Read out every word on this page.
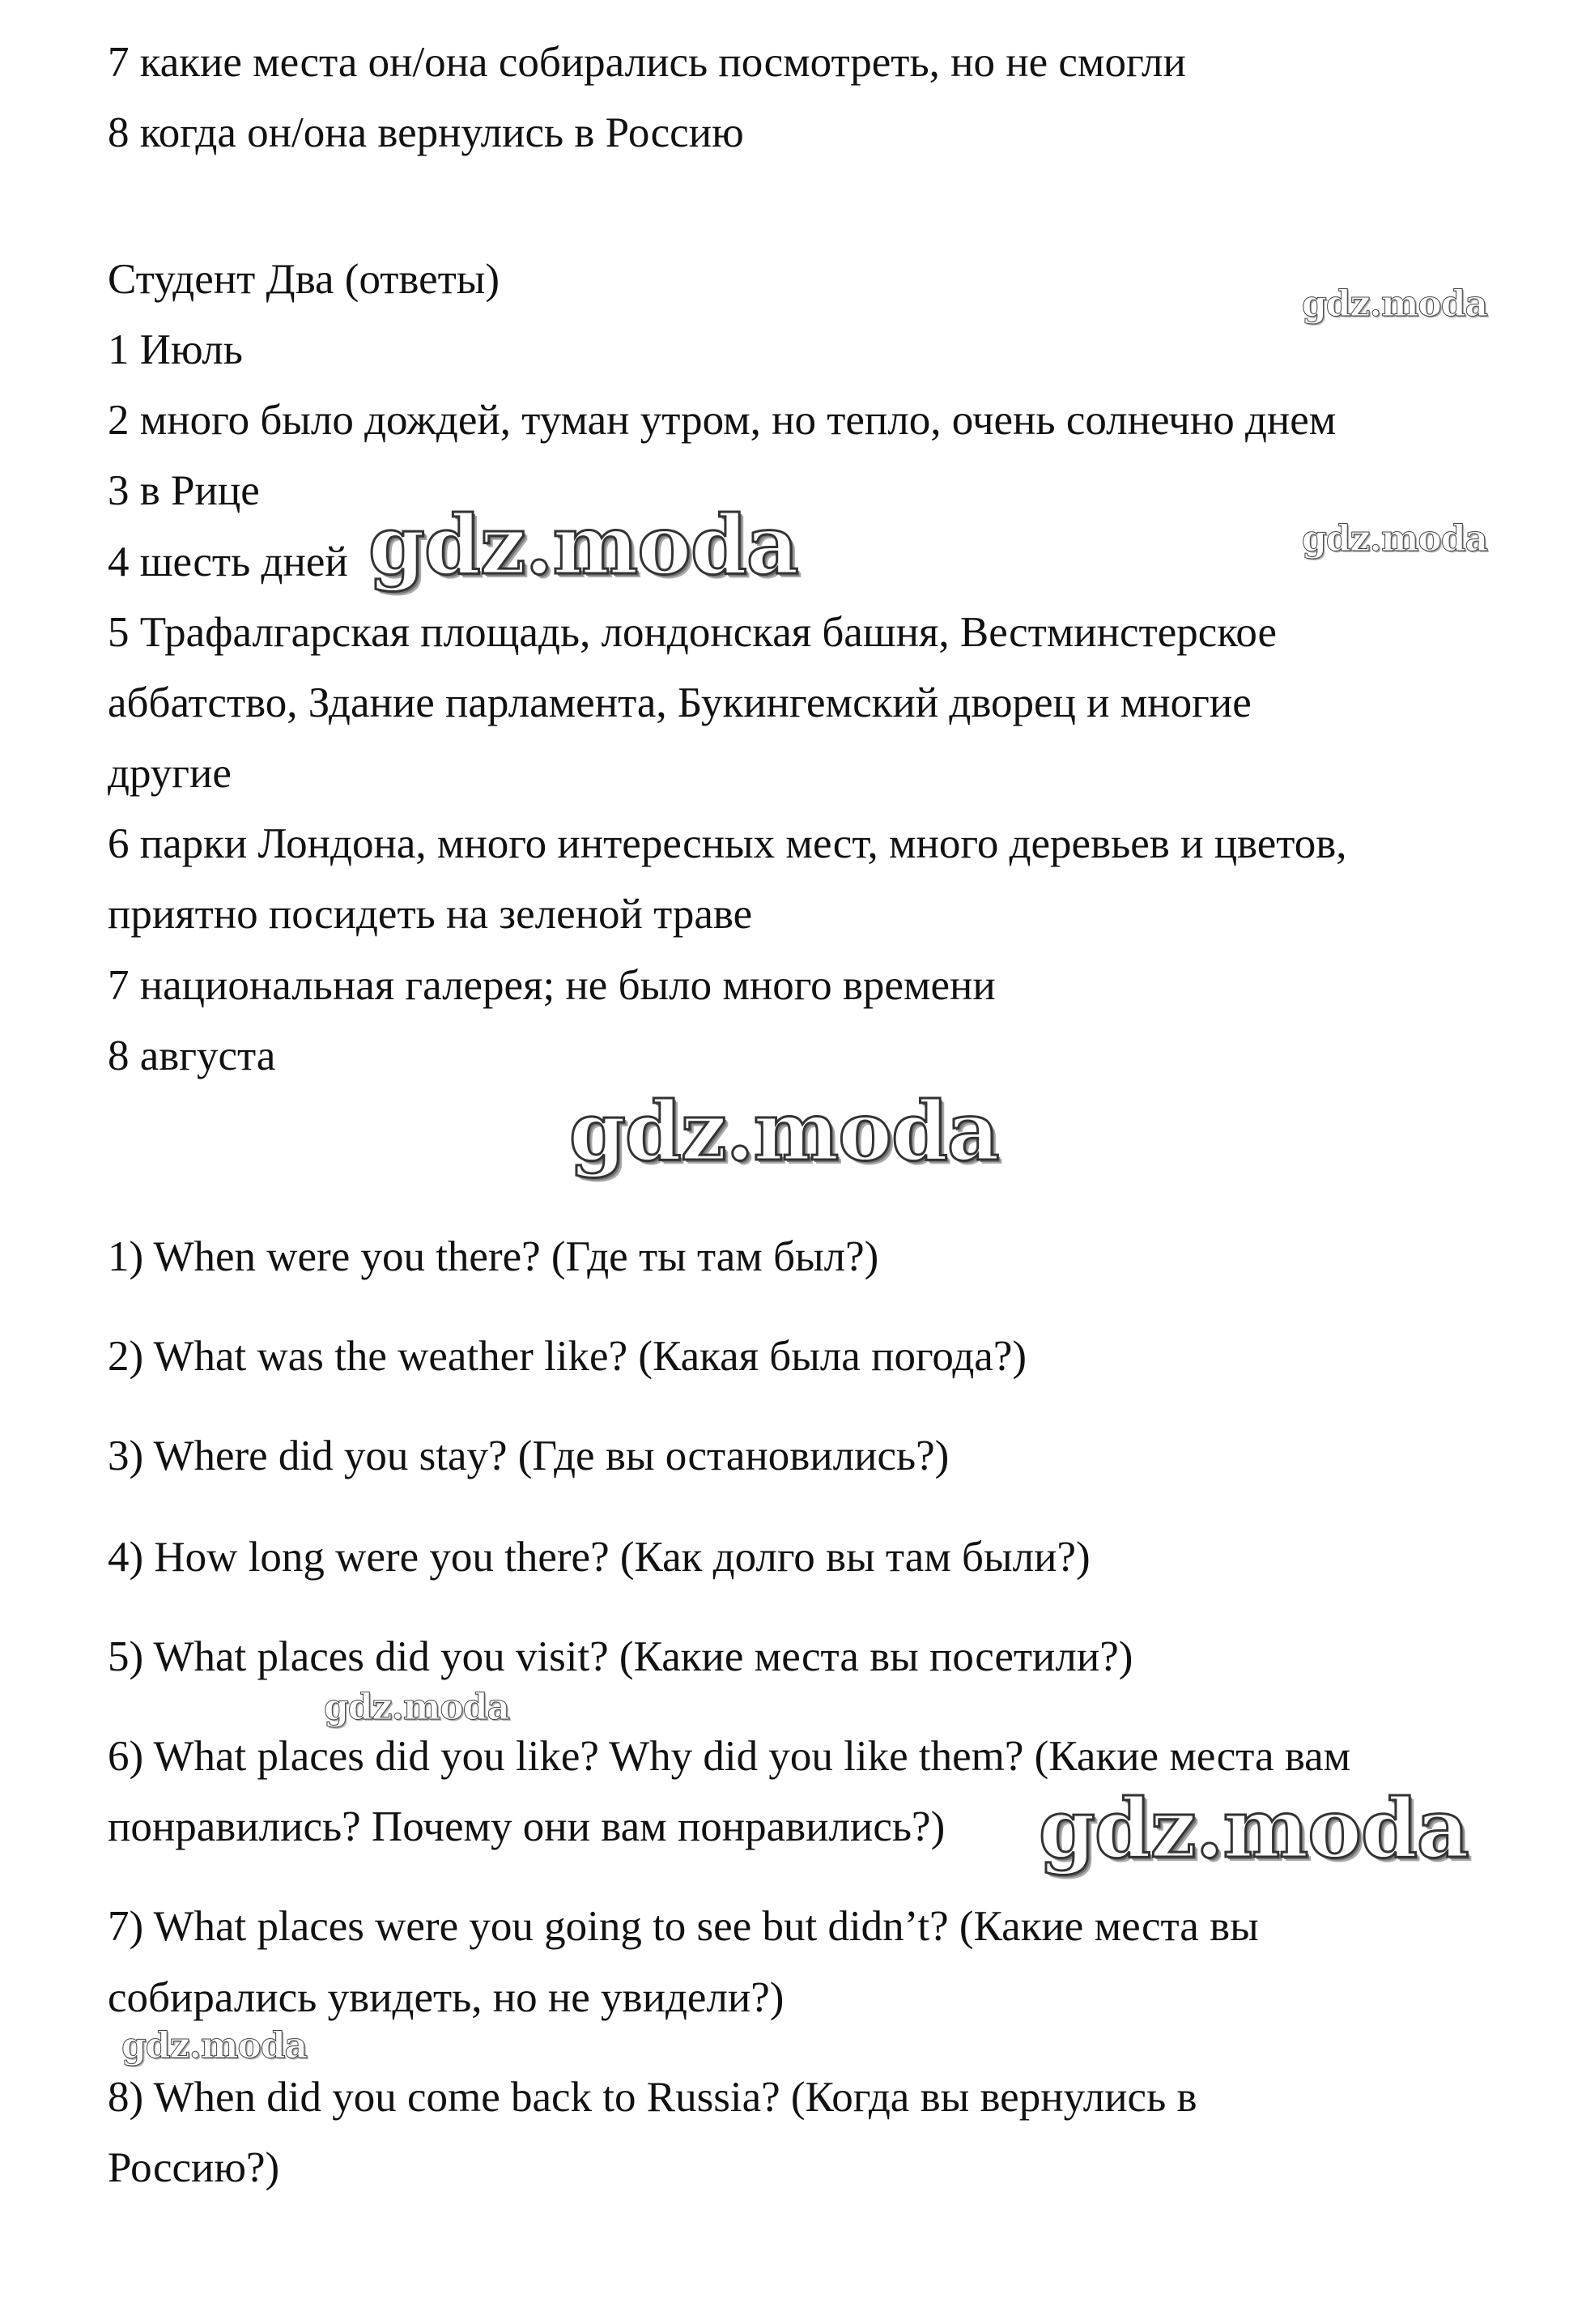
7 какие места он/она собирались посмотреть, но не смогли
8 когда он/она вернулись в Россию
Студент Два (ответы)
1 Июль
2 много было дождей, туман утром, но тепло, очень солнечно днем
3 в Рице
4 шесть дней
5 Трафалгарская площадь, лондонская башня, Вестминстерское
аббатство, Здание парламента, Букингемский дворец и многие
другие
6 парки Лондона, много интересных мест, много деревьев и цветов,
приятно посидеть на зеленой траве
7 национальная галерея; не было много времени
8 августа
1) When were you there? (Где ты там был?)
2) What was the weather like? (Какая была погода?)
3) Where did you stay? (Где вы остановились?)
4) How long were you there? (Как долго вы там были?)
5) What places did you visit? (Какие места вы посетили?)
6) What places did you like? Why did you like them? (Какие места вам
понравились? Почему они вам понравились?)
7) What places were you going to see but didn’t? (Какие места вы
собирались увидеть, но не увидели?)
8) When did you come back to Russia? (Когда вы вернулись в
Россию?)
gdz.moda
gdz.moda
gdz.moda
gdz.moda
gdz.moda
gdz.moda
gdz.moda
